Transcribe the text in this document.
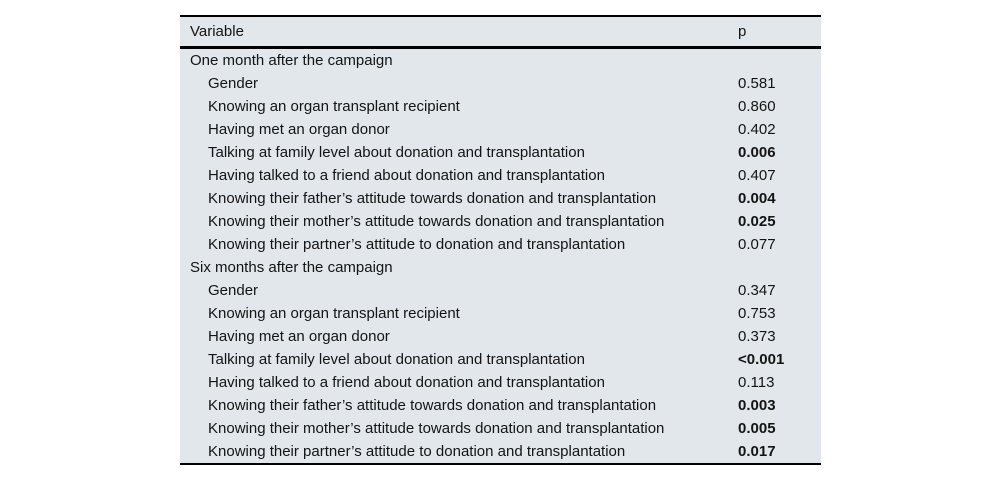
Variable	p
One month after the campaign
Gender	0.581
Knowing an organ transplant recipient	0.860
Having met an organ donor	0.402
Talking at family level about donation and transplantation	0.006
Having talked to a friend about donation and transplantation	0.407
Knowing their father’s attitude towards donation and transplantation	0.004
Knowing their mother’s attitude towards donation and transplantation	0.025
Knowing their partner’s attitude to donation and transplantation	0.077
Six months after the campaign
Gender	0.347
Knowing an organ transplant recipient	0.753
Having met an organ donor	0.373
Talking at family level about donation and transplantation	<0.001
Having talked to a friend about donation and transplantation	0.113
Knowing their father’s attitude towards donation and transplantation	0.003
Knowing their mother’s attitude towards donation and transplantation	0.005
Knowing their partner’s attitude to donation and transplantation	0.017
